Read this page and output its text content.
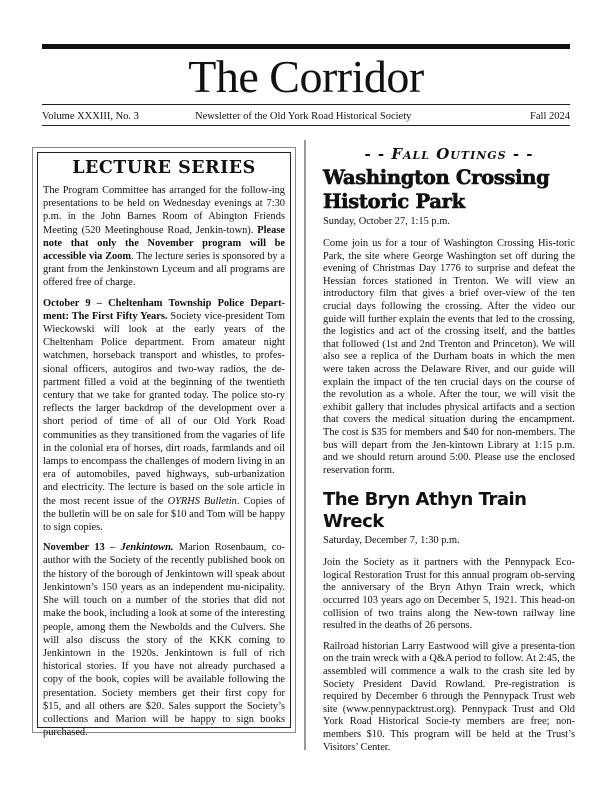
The Corridor
Volume XXXIII, No. 3	Newsletter of the Old York Road Historical Society	Fall 2024
LECTURE SERIES

The Program Committee has arranged for the follow-ing presentations to be held on Wednesday evenings at 7:30 p.m. in the John Barnes Room of Abington Friends Meeting (520 Meetinghouse Road, Jenkin-town). Please note that only the November program will be accessible via Zoom. The lecture series is sponsored by a grant from the Jenkinstown Lyceum and all programs are offered free of charge.

October 9 – Cheltenham Township Police Depart-ment: The First Fifty Years. Society vice-president Tom Wieckowski will look at the early years of the Cheltenham Police department. From amateur night watchmen, horseback transport and whistles, to profes-sional officers, autogiros and two-way radios, the de-partment filled a void at the beginning of the twentieth century that we take for granted today. The police sto-ry reflects the larger backdrop of the development over a short period of time of all of our Old York Road communities as they transitioned from the vagaries of life in the colonial era of horses, dirt roads, farmlands and oil lamps to encompass the challenges of modern living in an era of automobiles, paved highways, sub-urbanization and electricity. The lecture is based on the sole article in the most recent issue of the OYRHS Bulletin. Copies of the bulletin will be on sale for $10 and Tom will be happy to sign copies.

November 13 – Jenkintown. Marion Rosenbaum, co-author with the Society of the recently published book on the history of the borough of Jenkintown will speak about Jenkintown’s 150 years as an independent mu-nicipality. She will touch on a number of the stories that did not make the book, including a look at some of the interesting people, among them the Newbolds and the Culvers. She will also discuss the story of the KKK coming to Jenkintown in the 1920s. Jenkintown is full of rich historical stories. If you have not already purchased a copy of the book, copies will be available following the presentation. Society members get their first copy for $15, and all others are $20. Sales support the Society’s collections and Marion will be happy to sign books purchased.

- - Fall Outings - -
Washington Crossing Historic Park
Sunday, October 27, 1:15 p.m.

Come join us for a tour of Washington Crossing His-toric Park, the site where George Washington set off during the evening of Christmas Day 1776 to surprise and defeat the Hessian forces stationed in Trenton. We will view an introductory film that gives a brief over-view of the ten crucial days following the crossing. After the video our guide will further explain the events that led to the crossing, the logistics and act of the crossing itself, and the battles that followed (1st and 2nd Trenton and Princeton). We will also see a replica of the Durham boats in which the men were taken across the Delaware River, and our guide will explain the impact of the ten crucial days on the course of the revolution as a whole. After the tour, we will visit the exhibit gallery that includes physical artifacts and a section that covers the medical situation during the encampment. The cost is $35 for members and $40 for non-members. The bus will depart from the Jen-kintown Library at 1:15 p.m. and we should return around 5:00. Please use the enclosed reservation form.

The Bryn Athyn Train Wreck
Saturday, December 7, 1:30 p.m.

Join the Society as it partners with the Pennypack Eco-logical Restoration Trust for this annual program ob-serving the anniversary of the Bryn Athyn Train wreck, which occurred 103 years ago on December 5, 1921. This head-on collision of two trains along the New-town railway line resulted in the deaths of 26 persons.

Railroad historian Larry Eastwood will give a presenta-tion on the train wreck with a Q&A period to follow. At 2:45, the assembled will commence a walk to the crash site led by Society President David Rowland. Pre-registration is required by December 6 through the Pennypack Trust web site (www.pennypacktrust.org). Pennypack Trust and Old York Road Historical Socie-ty members are free; non-members $10. This program will be held at the Trust’s Visitors’ Center.
